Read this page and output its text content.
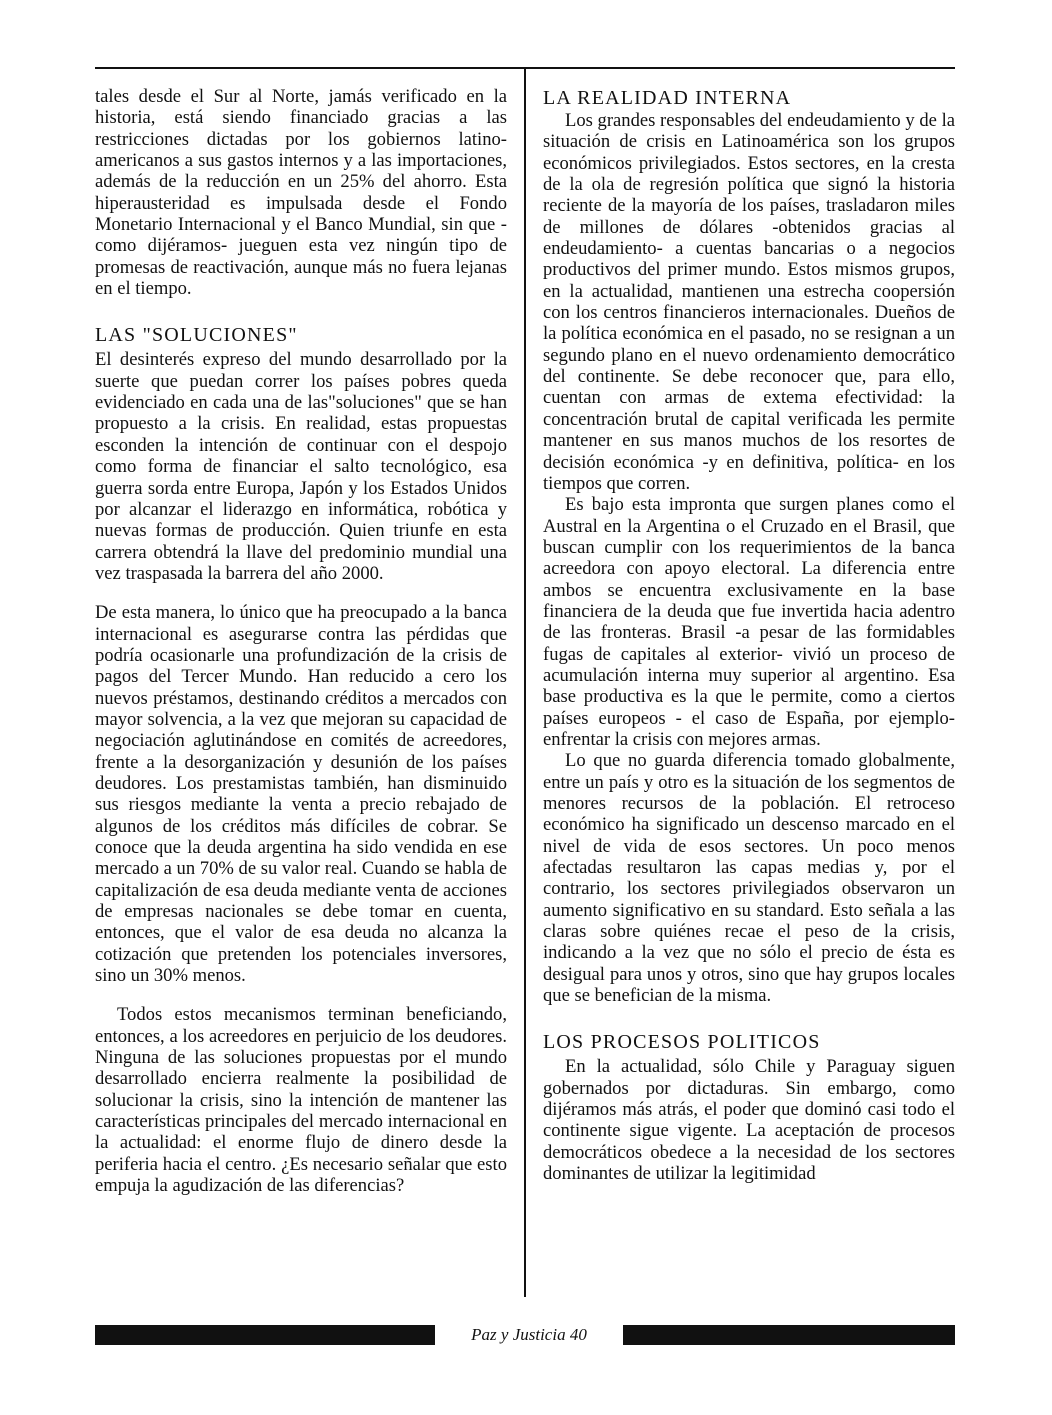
tales desde el Sur al Norte, jamás verificado en la historia, está siendo financiado gracias a las restricciones dictadas por los gobiernos latinoamericanos a sus gastos internos y a las importaciones, además de la reducción en un 25% del ahorro. Esta hiperausteridad es impulsada desde el Fondo Monetario Internacional y el Banco Mundial, sin que -como dijéramos- jueguen esta vez ningún tipo de promesas de reactivación, aunque más no fuera lejanas en el tiempo.

LAS "SOLUCIONES"

El desinterés expreso del mundo desarrollado por la suerte que puedan correr los países pobres queda evidenciado en cada una de las"soluciones" que se han propuesto a la crisis. En realidad, estas propuestas esconden la intención de continuar con el despojo como forma de financiar el salto tecnológico, esa guerra sorda entre Europa, Japón y los Estados Unidos por alcanzar el liderazgo en informática, robótica y nuevas formas de producción. Quien triunfe en esta carrera obtendrá la llave del predominio mundial una vez traspasada la barrera del año 2000.

De esta manera, lo único que ha preocupado a la banca internacional es asegurarse contra las pérdidas que podría ocasionarle una profundización de la crisis de pagos del Tercer Mundo. Han reducido a cero los nuevos préstamos, destinando créditos a mercados con mayor solvencia, a la vez que mejoran su capacidad de negociación aglutinándose en comités de acreedores, frente a la desorganización y desunión de los países deudores. Los prestamistas también, han disminuido sus riesgos mediante la venta a precio rebajado de algunos de los créditos más difíciles de cobrar. Se conoce que la deuda argentina ha sido vendida en ese mercado a un 70% de su valor real. Cuando se habla de capitalización de esa deuda mediante venta de acciones de empresas nacionales se debe tomar en cuenta, entonces, que el valor de esa deuda no alcanza la cotización que pretenden los potenciales inversores, sino un 30% menos.

Todos estos mecanismos terminan beneficiando, entonces, a los acreedores en perjuicio de los deudores. Ninguna de las soluciones propuestas por el mundo desarrollado encierra realmente la posibilidad de solucionar la crisis, sino la intención de mantener las características principales del mercado internacional en la actualidad: el enorme flujo de dinero desde la periferia hacia el centro. ¿Es necesario señalar que esto empuja la agudización de las diferencias?

LA REALIDAD INTERNA

Los grandes responsables del endeudamiento y de la situación de crisis en Latinoamérica son los grupos económicos privilegiados. Estos sectores, en la cresta de la ola de regresión política que signó la historia reciente de la mayoría de los países, trasladaron miles de millones de dólares -obtenidos gracias al endeudamiento- a cuentas bancarias o a negocios productivos del primer mundo. Estos mismos grupos, en la actualidad, mantienen una estrecha coopersión con los centros financieros internacionales. Dueños de la política económica en el pasado, no se resignan a un segundo plano en el nuevo ordenamiento democrático del continente. Se debe reconocer que, para ello, cuentan con armas de extema efectividad: la concentración brutal de capital verificada les permite mantener en sus manos muchos de los resortes de decisión económica -y en definitiva, política- en los tiempos que corren.

Es bajo esta impronta que surgen planes como el Austral en la Argentina o el Cruzado en el Brasil, que buscan cumplir con los requerimientos de la banca acreedora con apoyo electoral. La diferencia entre ambos se encuentra exclusivamente en la base financiera de la deuda que fue invertida hacia adentro de las fronteras. Brasil -a pesar de las formidables fugas de capitales al exterior- vivió un proceso de acumulación interna muy superior al argentino. Esa base productiva es la que le permite, como a ciertos países europeos - el caso de España, por ejemplo- enfrentar la crisis con mejores armas.

Lo que no guarda diferencia tomado globalmente, entre un país y otro es la situación de los segmentos de menores recursos de la población. El retroceso económico ha significado un descenso marcado en el nivel de vida de esos sectores. Un poco menos afectadas resultaron las capas medias y, por el contrario, los sectores privilegiados observaron un aumento significativo en su standard. Esto señala a las claras sobre quiénes recae el peso de la crisis, indicando a la vez que no sólo el precio de ésta es desigual para unos y otros, sino que hay grupos locales que se benefician de la misma.

LOS PROCESOS POLITICOS

En la actualidad, sólo Chile y Paraguay siguen gobernados por dictaduras. Sin embargo, como dijéramos más atrás, el poder que dominó casi todo el continente sigue vigente. La aceptación de procesos democráticos obedece a la necesidad de los sectores dominantes de utilizar la legitimidad

Paz y Justicia 40
